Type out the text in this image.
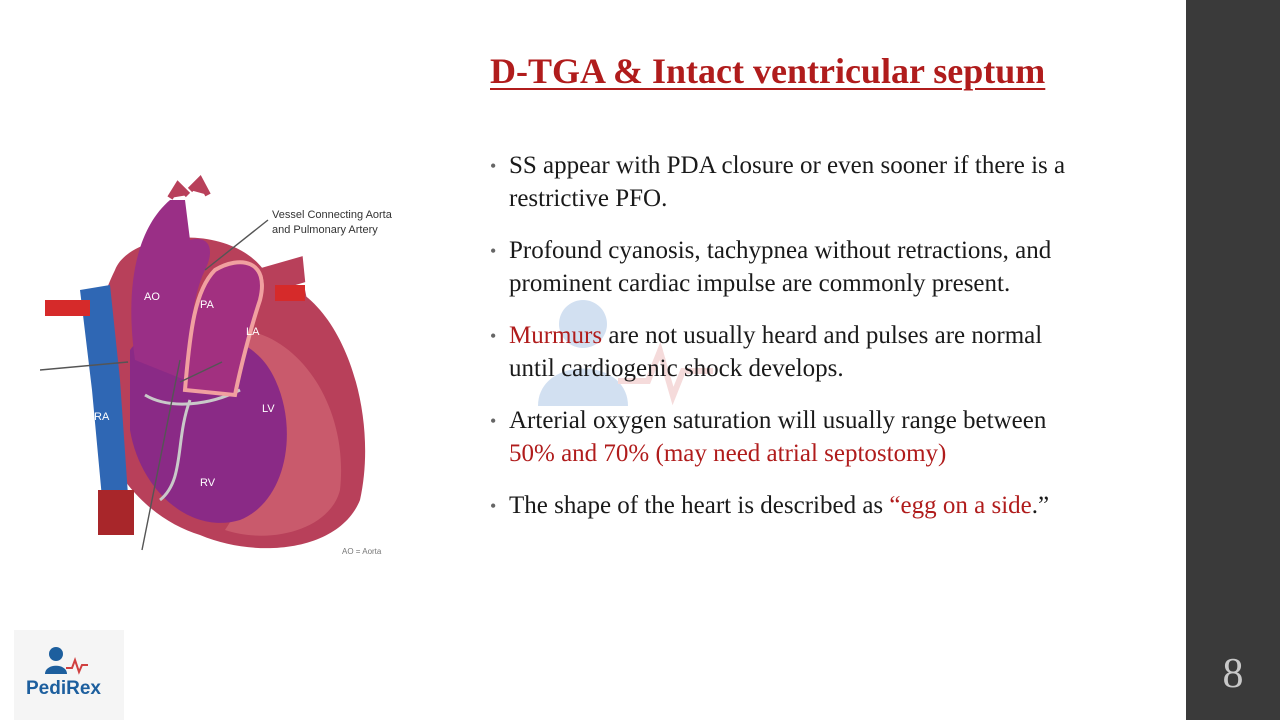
Vessel Connecting Aorta
and Pulmonary Artery
AO
PA
LA
LV
RA
RV
AO = Aorta
D-TGA & Intact ventricular septum
• SS appear with PDA closure or even sooner if there is a restrictive PFO.
• Profound cyanosis, tachypnea without retractions, and prominent cardiac impulse are commonly present.
• Murmurs are not usually heard and pulses are normal until cardiogenic shock develops.
• Arterial oxygen saturation will usually range between 50% and 70% (may need atrial septostomy)
• The shape of the heart is described as “egg on a side.”
PediRex	8
